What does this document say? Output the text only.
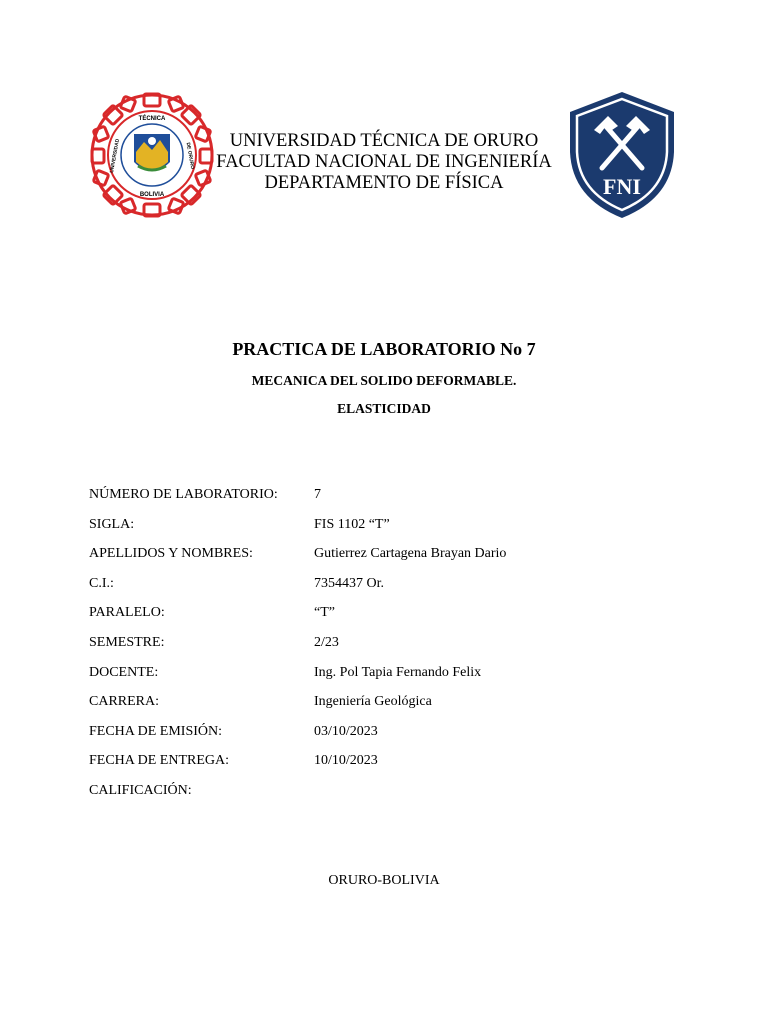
TÉCNICA
BOLIVIA
UNIVERSIDAD	DE ORURO
UNIVERSIDAD TÉCNICA DE ORURO
FACULTAD NACIONAL DE INGENIERÍA
DEPARTAMENTO DE FÍSICA	FNI
PRACTICA DE LABORATORIO No 7
MECANICA DEL SOLIDO DEFORMABLE.
ELASTICIDAD
NÚMERO DE LABORATORIO:	7
SIGLA:	FIS 1102 “T”
APELLIDOS Y NOMBRES:	Gutierrez Cartagena Brayan Dario
C.I.:	7354437 Or.
PARALELO:	“T”
SEMESTRE:	2/23
DOCENTE:	Ing. Pol Tapia Fernando Felix
CARRERA:	Ingeniería Geológica
FECHA DE EMISIÓN:	03/10/2023
FECHA DE ENTREGA:	10/10/2023
CALIFICACIÓN:
ORURO-BOLIVIA
